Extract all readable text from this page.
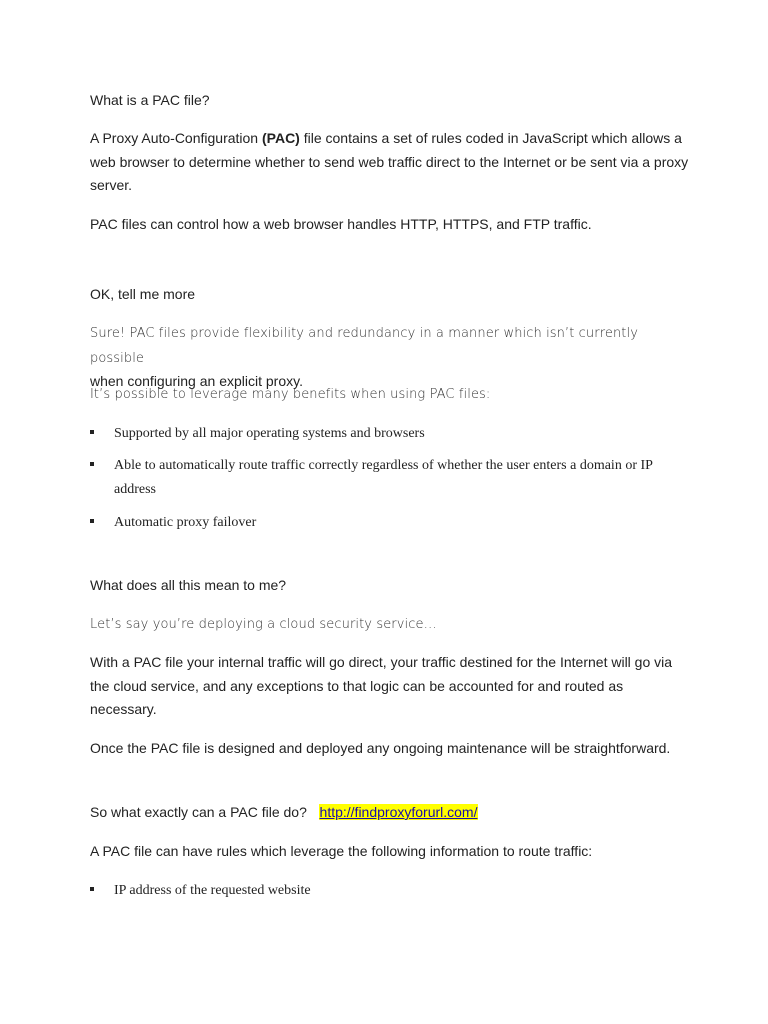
What is a PAC file?

A Proxy Auto-Configuration (PAC) file contains a set of rules coded in JavaScript which allows a web browser to determine whether to send web traffic direct to the Internet or be sent via a proxy server.

PAC files can control how a web browser handles HTTP, HTTPS, and FTP traffic.

OK, tell me more

Sure! PAC files provide flexibility and redundancy in a manner which isn’t currently possible
when configuring an explicit proxy.

It’s possible to leverage many benefits when using PAC files:

Supported by all major operating systems and browsers
Able to automatically route traffic correctly regardless of whether the user enters a domain or IP address
Automatic proxy failover

What does all this mean to me?

Let’s say you’re deploying a cloud security service…

With a PAC file your internal traffic will go direct, your traffic destined for the Internet will go via the cloud service, and any exceptions to that logic can be accounted for and routed as necessary.

Once the PAC file is designed and deployed any ongoing maintenance will be straightforward.

So what exactly can a PAC file do? http://findproxyforurl.com/

A PAC file can have rules which leverage the following information to route traffic:

IP address of the requested website
